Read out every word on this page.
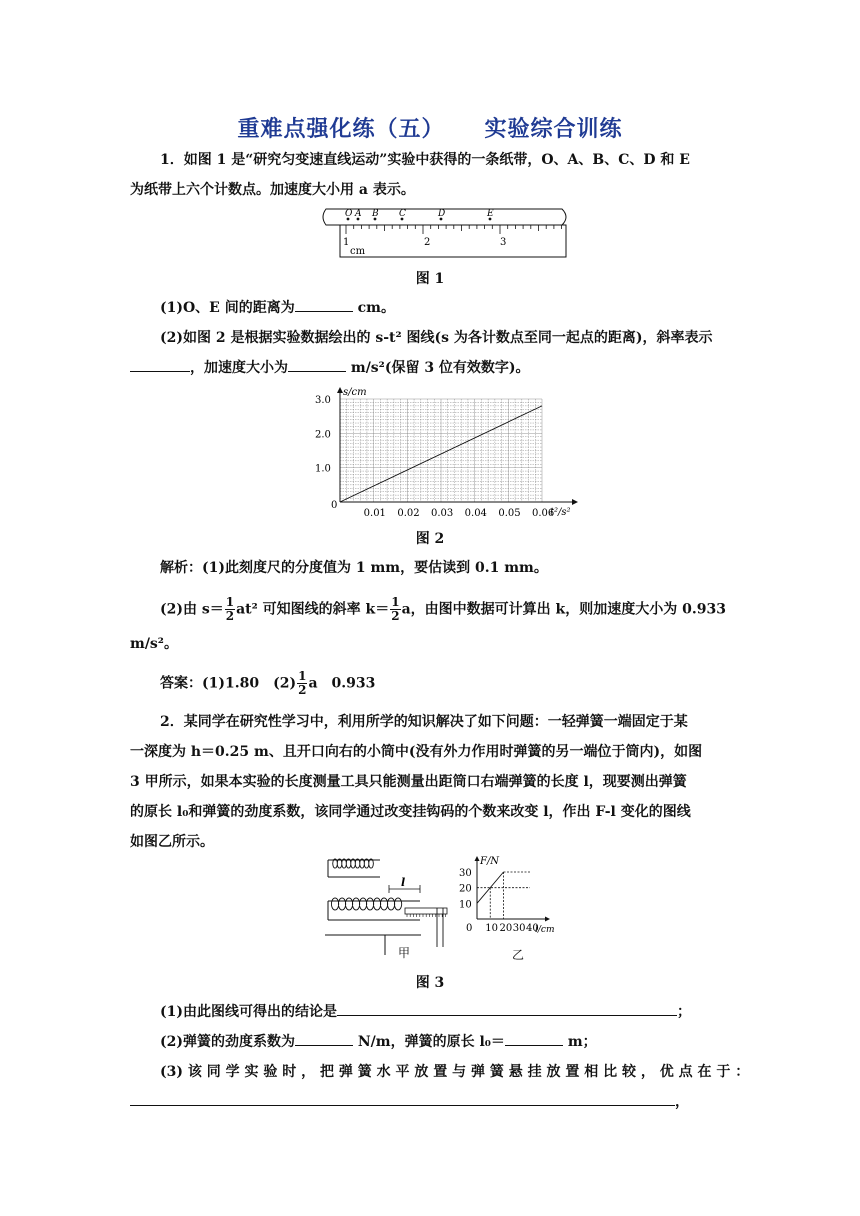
重难点强化练（五） 实验综合训练
1．如图 1 是“研究匀变速直线运动”实验中获得的一条纸带，O、A、B、C、D 和 E
为纸带上六个计数点。加速度大小用 a 表示。
O A B C	D	E
1	2	3
cm
图 1
(1)O、E 间的距离为	cm。
(2)如图 2 是根据实验数据绘出的 s-t² 图线(s 为各计数点至同一起点的距离)，斜率表示
，加速度大小为	m/s²(保留 3 位有效数字)。
0.01 0.02 0.03 0.04 0.05 0.06
0
1.0
2.0
3.0
t²/s²
s/cm
图 2
解析：(1)此刻度尺的分度值为 1 mm，要估读到 0.1 mm。
(2)由 $s= \frac{1}{2} at^2$ 可知图线的斜率 $k= \frac{1}{2}$ a，由图中数据可计算出 k，则加速度大小为 0.933
m/s²。
答案：(1)1.80　$(2) \frac{1}{2}$ a　0.933
2．某同学在研究性学习中，利用所学的知识解决了如下问题：一轻弹簧一端固定于某
一深度为 h＝0.25 m、且开口向右的小筒中(没有外力作用时弹簧的另一端位于筒内)，如图
3 甲所示，如果本实验的长度测量工具只能测量出距筒口右端弹簧的长度 l，现要测出弹簧
的原长 l₀和弹簧的劲度系数，该同学通过改变挂钩码的个数来改变 l，作出 F-l 变化的图线
如图乙所示。
l
甲
10
20
30
0 10 20 30 40
l/cm
F/N
乙
图 3
(1)由此图线可得出的结论是	；
(2)弹簧的劲度系数为	N/m，弹簧的原长 l₀＝	m；
(3) 该 同 学 实 验 时 ， 把 弹 簧 水 平 放 置 与 弹 簧 悬 挂 放 置 相 比 较 ， 优 点 在 于 ：
，
